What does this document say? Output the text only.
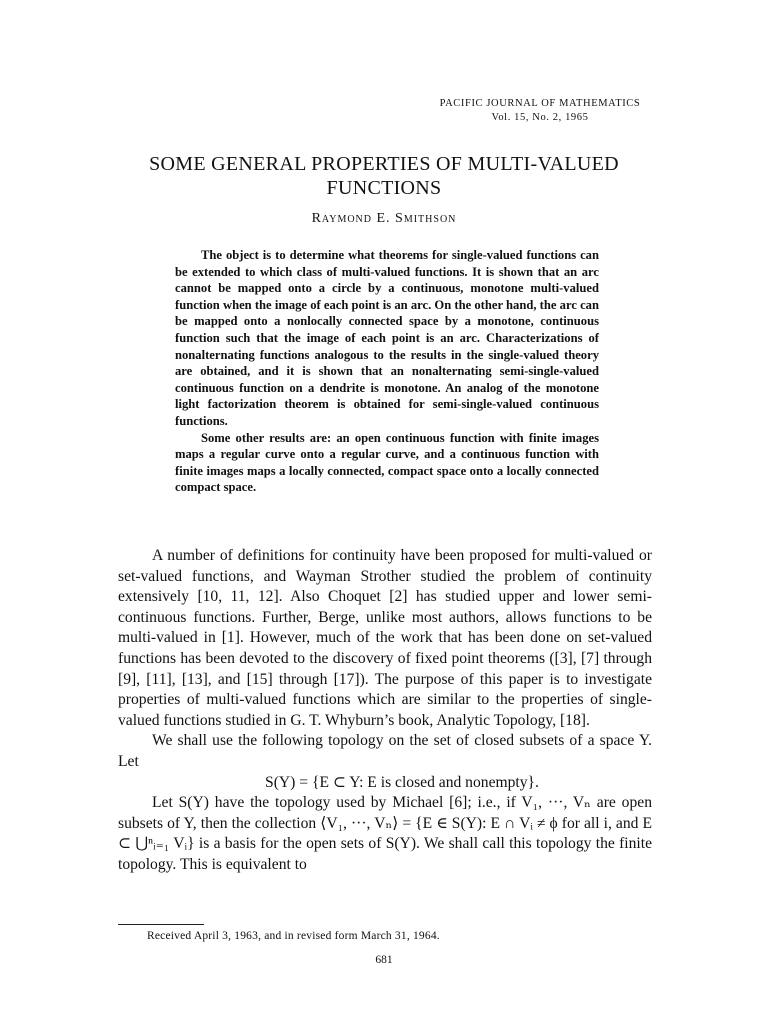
PACIFIC JOURNAL OF MATHEMATICS
Vol. 15, No. 2, 1965
SOME GENERAL PROPERTIES OF MULTI-VALUED
FUNCTIONS
Raymond E. Smithson

The object is to determine what theorems for single-valued functions can be extended to which class of multi-valued functions. It is shown that an arc cannot be mapped onto a circle by a continuous, monotone multi-valued function when the image of each point is an arc. On the other hand, the arc can be mapped onto a nonlocally connected space by a monotone, continuous function such that the image of each point is an arc. Characterizations of nonalternating functions analogous to the results in the single-valued theory are obtained, and it is shown that an nonalternating semi-single-valued continuous function on a dendrite is monotone. An analog of the monotone light factorization theorem is obtained for semi-single-valued continuous functions.

Some other results are: an open continuous function with finite images maps a regular curve onto a regular curve, and a continuous function with finite images maps a locally connected, compact space onto a locally connected compact space.

A number of definitions for continuity have been proposed for multi-valued or set-valued functions, and Wayman Strother studied the problem of continuity extensively [10, 11, 12]. Also Choquet [2] has studied upper and lower semi-continuous functions. Further, Berge, unlike most authors, allows functions to be multi-valued in [1]. However, much of the work that has been done on set-valued functions has been devoted to the discovery of fixed point theorems ([3], [7] through [9], [11], [13], and [15] through [17]). The purpose of this paper is to investigate properties of multi-valued functions which are similar to the properties of single-valued functions studied in G. T. Whyburn’s book, Analytic Topology, [18].

We shall use the following topology on the set of closed subsets of a space Y. Let

S(Y) = {E ⊂ Y: E is closed and nonempty}.

Let S(Y) have the topology used by Michael [6]; i.e., if V₁, ···, Vₙ are open subsets of Y, then the collection ⟨V₁, ···, Vₙ⟩ = {E ∈ S(Y): E ∩ Vᵢ ≠ ϕ for all i, and E ⊂ ⋃ⁿᵢ₌₁ Vᵢ} is a basis for the open sets of S(Y). We shall call this topology the finite topology. This is equivalent to

Received April 3, 1963, and in revised form March 31, 1964.
681
